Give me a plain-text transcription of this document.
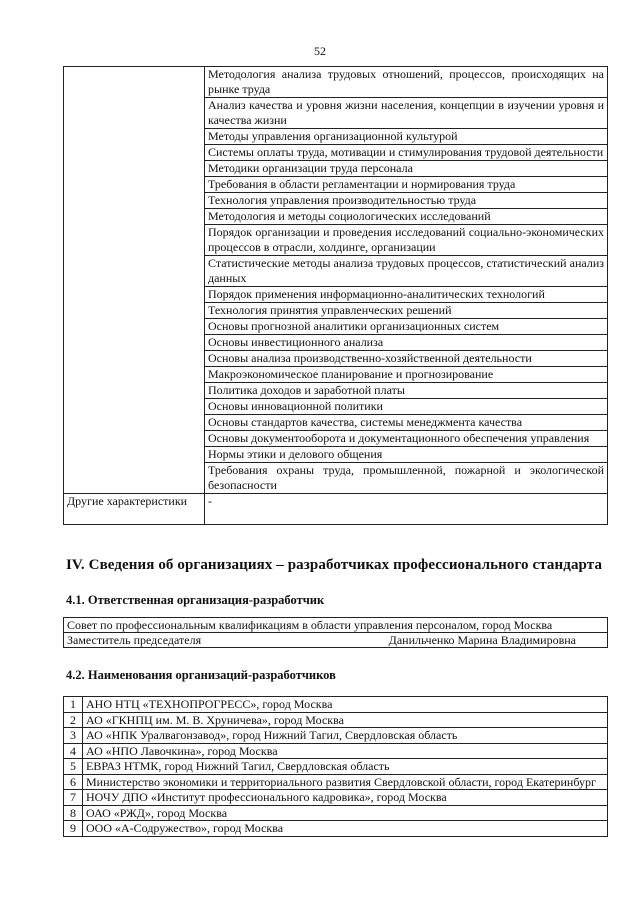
52
	Методология анализа трудовых отношений, процессов, происходящих на рынке труда
	Анализ качества и уровня жизни населения, концепции в изучении уровня и качества жизни
	Методы управления организационной культурой
	Системы оплаты труда, мотивации и стимулирования трудовой деятельности
	Методики организации труда персонала
	Требования в области регламентации и нормирования труда
	Технология управления производительностью труда
	Методология и методы социологических исследований
	Порядок организации и проведения исследований социально-экономических процессов в отрасли, холдинге, организации
	Статистические методы анализа трудовых процессов, статистический анализ данных
	Порядок применения информационно-аналитических технологий
	Технология принятия управленческих решений
	Основы прогнозной аналитики организационных систем
	Основы инвестиционного анализа
	Основы анализа производственно-хозяйственной деятельности
	Макроэкономическое планирование и прогнозирование
	Политика доходов и заработной платы
	Основы инновационной политики
	Основы стандартов качества, системы менеджмента качества
	Основы документооборота и документационного обеспечения управления
	Нормы этики и делового общения
	Требования охраны труда, промышленной, пожарной и экологической безопасности
Другие характеристики	-
IV. Сведения об организациях – разработчиках профессионального стандарта
4.1. Ответственная организация-разработчик
Совет по профессиональным квалификациям в области управления персоналом, город Москва
Заместитель председателя	Данильченко Марина Владимировна
4.2. Наименования организаций-разработчиков
1	АНО НТЦ «ТЕХНОПРОГРЕСС», город Москва
2	АО «ГКНПЦ им. М. В. Хруничева», город Москва
3	АО «НПК Уралвагонзавод», город Нижний Тагил, Свердловская область
4	АО «НПО Лавочкина», город Москва
5	ЕВРАЗ НТМК, город Нижний Тагил, Свердловская область
6	Министерство экономики и территориального развития Свердловской области, город Екатеринбург
7	НОЧУ ДПО «Институт профессионального кадровика», город Москва
8	ОАО «РЖД», город Москва
9	ООО «А-Содружество», город Москва
